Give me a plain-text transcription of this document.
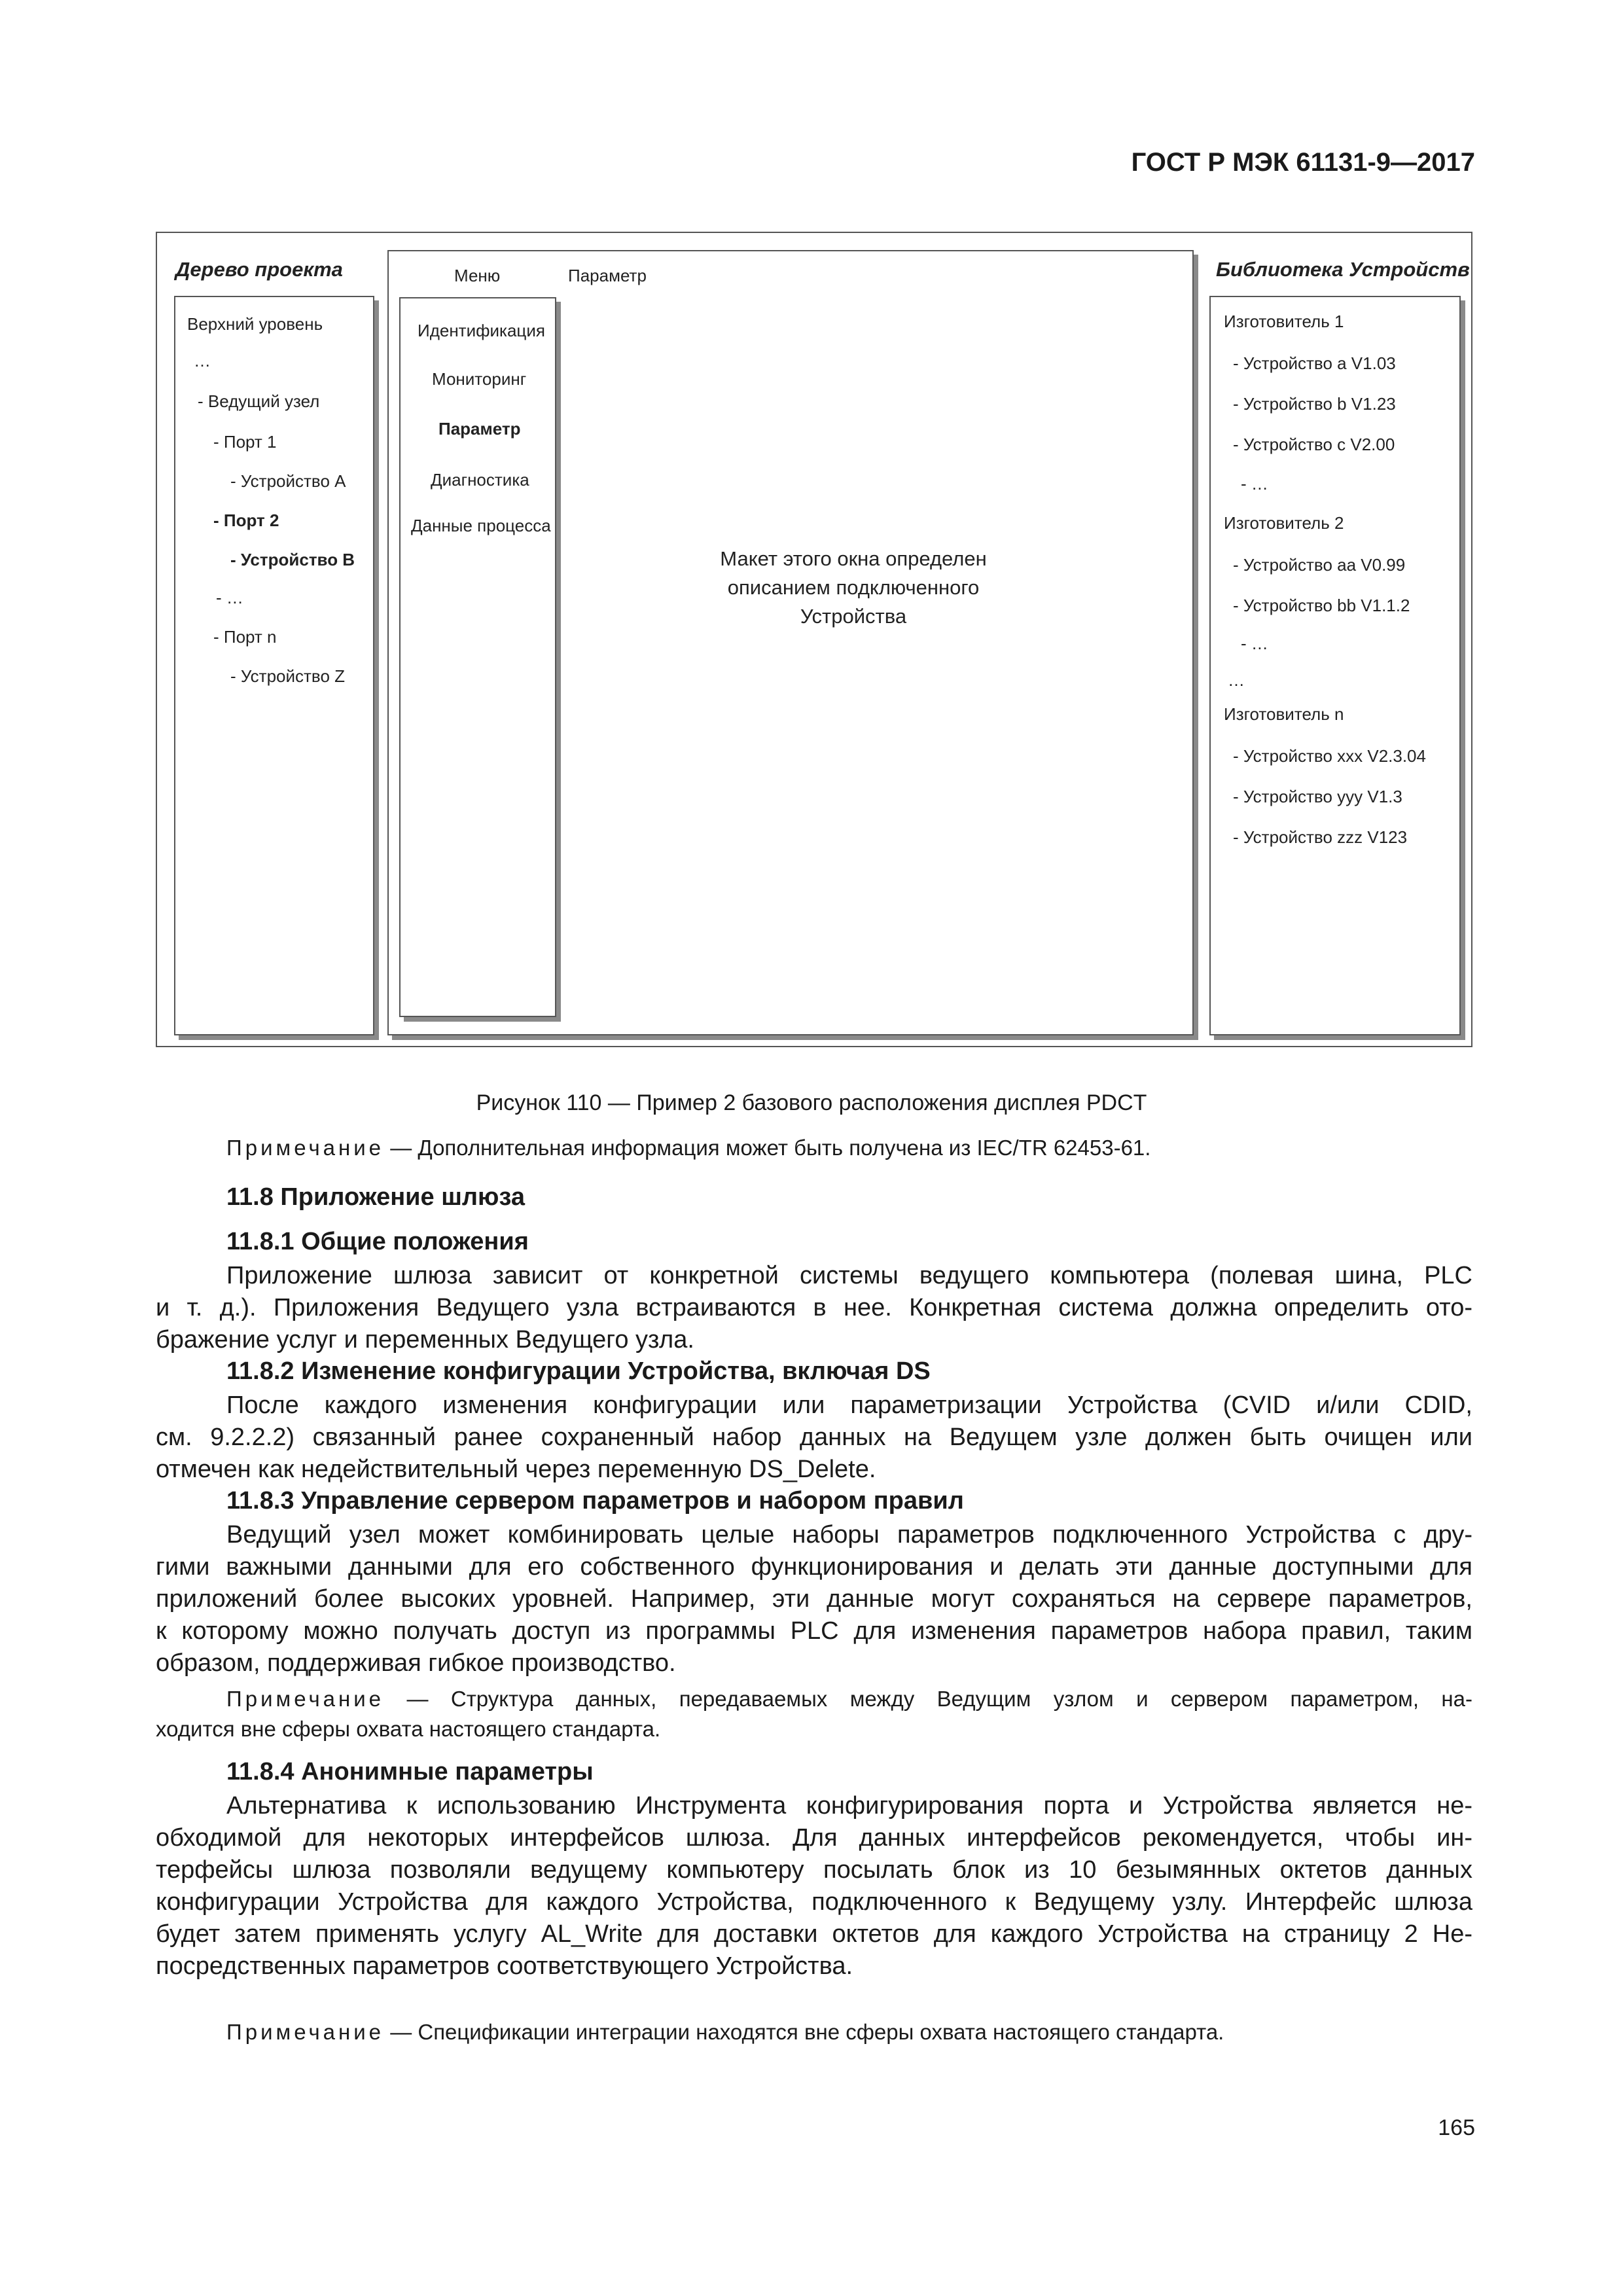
ГОСТ Р МЭК 61131-9—2017
Дерево проекта
Верхний уровень
…
- Ведущий узел
- Порт 1
- Устройство А
- Порт 2
- Устройство В
- …
- Порт n
- Устройство Z
Меню	Параметр
Идентификация
Мониторинг
Параметр
Диагностика
Данные процесса
Макет этого окна определен
описанием подключенного
Устройства
Библиотека Устройств
Изготовитель 1
- Устройство a V1.03
- Устройство b V1.23
- Устройство c V2.00
- …
Изготовитель 2
- Устройство аа V0.99
- Устройство bb V1.1.2
- …
…
Изготовитель n
- Устройство xxx V2.3.04
- Устройство yyy V1.3
- Устройство zzz V123
Рисунок 110 — Пример 2 базового расположения дисплея PDCT
Примечание — Дополнительная информация может быть получена из IEC/TR 62453-61.
11.8 Приложение шлюза
11.8.1 Общие положения
Приложение шлюза зависит от конкретной системы ведущего компьютера (полевая шина, PLC
и т. д.). Приложения Ведущего узла встраиваются в нее. Конкретная система должна определить ото-
бражение услуг и переменных Ведущего узла.
11.8.2 Изменение конфигурации Устройства, включая DS
После каждого изменения конфигурации или параметризации Устройства (CVID и/или CDID,
см. 9.2.2.2) связанный ранее сохраненный набор данных на Ведущем узле должен быть очищен или
отмечен как недействительный через переменную DS_Delete.
11.8.3 Управление сервером параметров и набором правил
Ведущий узел может комбинировать целые наборы параметров подключенного Устройства с дру-
гими важными данными для его собственного функционирования и делать эти данные доступными для
приложений более высоких уровней. Например, эти данные могут сохраняться на сервере параметров,
к которому можно получать доступ из программы PLC для изменения параметров набора правил, таким
образом, поддерживая гибкое производство.
Примечание — Структура данных, передаваемых между Ведущим узлом и сервером параметром, на-
ходится вне сферы охвата настоящего стандарта.
11.8.4 Анонимные параметры
Альтернатива к использованию Инструмента конфигурирования порта и Устройства является не-
обходимой для некоторых интерфейсов шлюза. Для данных интерфейсов рекомендуется, чтобы ин-
терфейсы шлюза позволяли ведущему компьютеру посылать блок из 10 безымянных октетов данных
конфигурации Устройства для каждого Устройства, подключенного к Ведущему узлу. Интерфейс шлюза
будет затем применять услугу AL_Write для доставки октетов для каждого Устройства на страницу 2 Не-
посредственных параметров соответствующего Устройства.
Примечание — Спецификации интеграции находятся вне сферы охвата настоящего стандарта.
165
